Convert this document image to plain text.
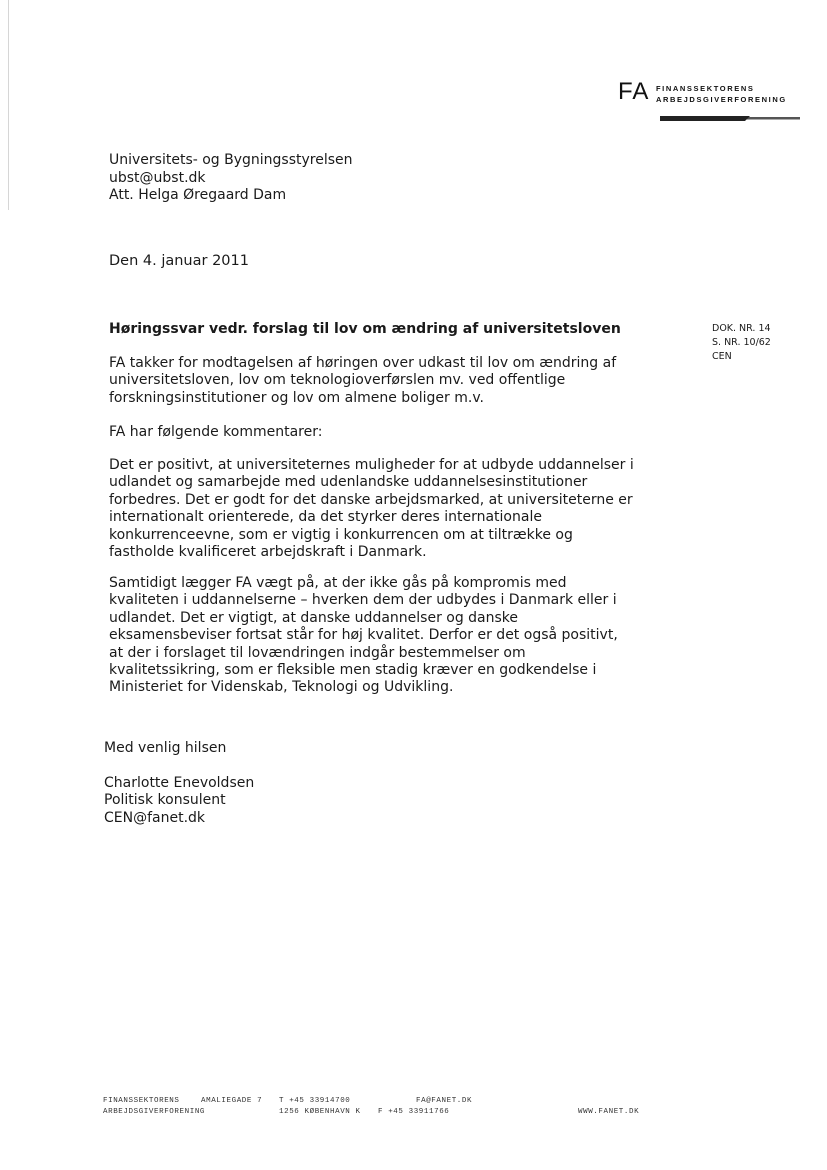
FA FINANSSEKTORENS
ARBEJDSGIVERFORENING
Universitets- og Bygningsstyrelsen
ubst@ubst.dk
Att. Helga Øregaard Dam
Den 4. januar 2011
Høringssvar vedr. forslag til lov om ændring af universitetsloven	DOK. NR. 14
S. NR. 10/62
CEN
FA takker for modtagelsen af høringen over udkast til lov om ændring af
universitetsloven, lov om teknologioverførslen mv. ved offentlige
forskningsinstitutioner og lov om almene boliger m.v.
FA har følgende kommentarer:
Det er positivt, at universiteternes muligheder for at udbyde uddannelser i
udlandet og samarbejde med udenlandske uddannelsesinstitutioner
forbedres. Det er godt for det danske arbejdsmarked, at universiteterne er
internationalt orienterede, da det styrker deres internationale
konkurrenceevne, som er vigtig i konkurrencen om at tiltrække og
fastholde kvalificeret arbejdskraft i Danmark.
Samtidigt lægger FA vægt på, at der ikke gås på kompromis med
kvaliteten i uddannelserne – hverken dem der udbydes i Danmark eller i
udlandet. Det er vigtigt, at danske uddannelser og danske
eksamensbeviser fortsat står for høj kvalitet. Derfor er det også positivt,
at der i forslaget til lovændringen indgår bestemmelser om
kvalitetssikring, som er fleksible men stadig kræver en godkendelse i
Ministeriet for Videnskab, Teknologi og Udvikling.
Med venlig hilsen
Charlotte Enevoldsen
Politisk konsulent
CEN@fanet.dk
FINANSSEKTORENS
ARBEJDSGIVERFORENING
AMALIEGADE 7 T +45 33914700
1256 KØBENHAVN K F +45 33911766
FA@FANET.DK
WWW.FANET.DK
